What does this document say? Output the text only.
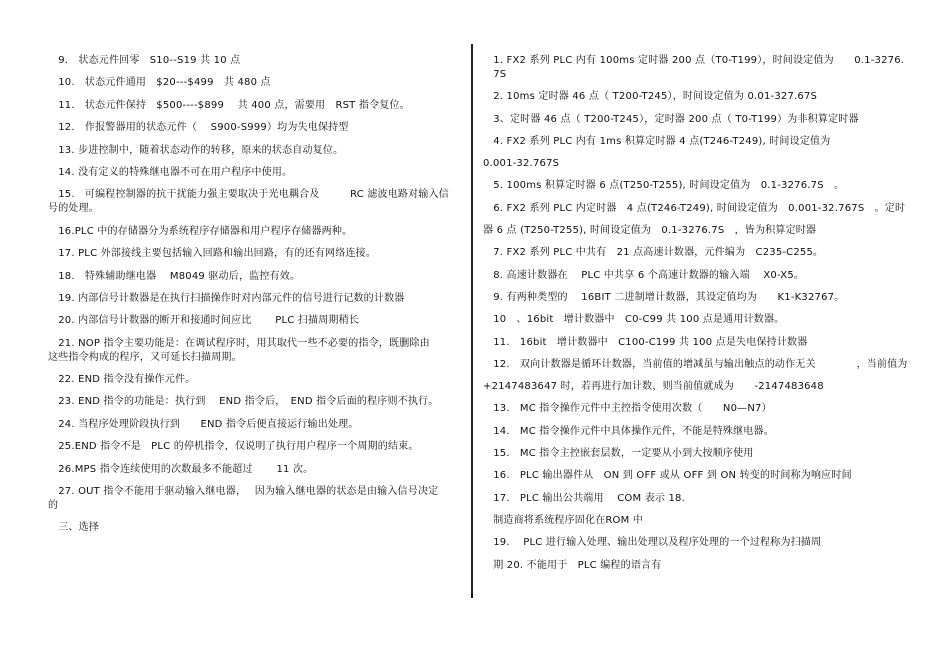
　9.　状态元件回零　S10--S19 共 10 点
　10.　状态元件通用　$20---$499　共 480 点
　11.　状态元件保持　$500----$899　 共 400 点，需要用　RST 指令复位。
　12.　作报警器用的状态元件（　 S900-S999）均为失电保持型
　13. 步进控制中，随着状态动作的转移，原来的状态自动复位。
　14. 没有定义的特殊继电器不可在用户程序中使用。
　15.　可编程控制器的抗干扰能力强主要取决于光电耦合及　　　RC 滤波电路对输入信
号的处理。
　16.PLC 中的存储器分为系统程序存储器和用户程序存储器两种。
　17. PLC 外部接线主要包括输入回路和输出回路，有的还有网络连接。
　18.　特殊辅助继电器　 M8049 驱动后，监控有效。
　19. 内部信号计数器是在执行扫描操作时对内部元件的信号进行记数的计数器
　20. 内部信号计数器的断开和接通时间应比　　 PLC 扫描周期稍长
　21. NOP 指令主要功能是：在调试程序时，用其取代一些不必要的指令，既删除由
这些指令构成的程序，又可延长扫描周期。
　22. END 指令没有操作元件。
　23. END 指令的功能是：执行到　 END 指令后，　END 指令后面的程序则不执行。
　24. 当程序处理阶段执行到　　END 指令后便直接运行输出处理。
　25.END 指令不是　PLC 的停机指令，仅说明了执行用户程序一个周期的结束。
　26.MPS 指令连续使用的次数最多不能超过　　 11 次。
　27. OUT 指令不能用于驱动输入继电器，　 因为输入继电器的状态是由输入信号决定
的
　三、选择
　1. FX2 系列 PLC 内有 100ms 定时器 200 点（T0-T199），时间设定值为　　0.1-3276.
　7S
　2. 10ms 定时器 46 点（ T200-T245），时间设定值为 0.01-327.67S
　3、定时器 46 点（ T200-T245），定时器 200 点（ T0-T199）为非积算定时器
　4. FX2 系列 PLC 内有 1ms 积算定时器 4 点(T246-T249), 时间设定值为
0.001-32.767S
　5. 100ms 积算定时器 6 点(T250-T255), 时间设定值为　0.1-3276.7S　。
　6. FX2 系列 PLC 内定时器　4 点(T246-T249), 时间设定值为　0.001-32.767S　。定时
器 6 点 (T250-T255), 时间设定值为　0.1-3276.7S　，皆为积算定时器
　7. FX2 系列 PLC 中共有　21 点高速计数器，元件编为　C235-C255。
　8. 高速计数器在　 PLC 中共享 6 个高速计数器的输入端　 X0-X5。
　9. 有两种类型的　 16BIT 二进制增计数器，其设定值均为　　K1-K32767。
　10　、16bit　增计数器中　C0-C99 共 100 点是通用计数器。
　11.　16bit　增计数器中　C100-C199 共 100 点是失电保持计数器
　12.　双向计数器是循环计数器，当前值的增减虽与输出触点的动作无关　　　　，当前值为
+2147483647 时，若再进行加计数，则当前值就成为　　-2147483648
　13.　MC 指令操作元件中主控指令使用次数（　　N0—N7）
　14.　MC 指令操作元件中具体操作元件，不能是特殊继电器。
　15.　MC 指令主控嵌套层数，一定要从小到大按顺序使用
　16.　PLC 输出器件从　ON 到 OFF 或从 OFF 到 ON 转变的时间称为响应时间
　17.　PLC 输出公共端用　 COM 表示 18.
　制造商将系统程序固化在ROM 中
　19.　 PLC 进行输入处理、输出处理以及程序处理的一个过程称为扫描周
　期 20. 不能用于　PLC 编程的语言有
